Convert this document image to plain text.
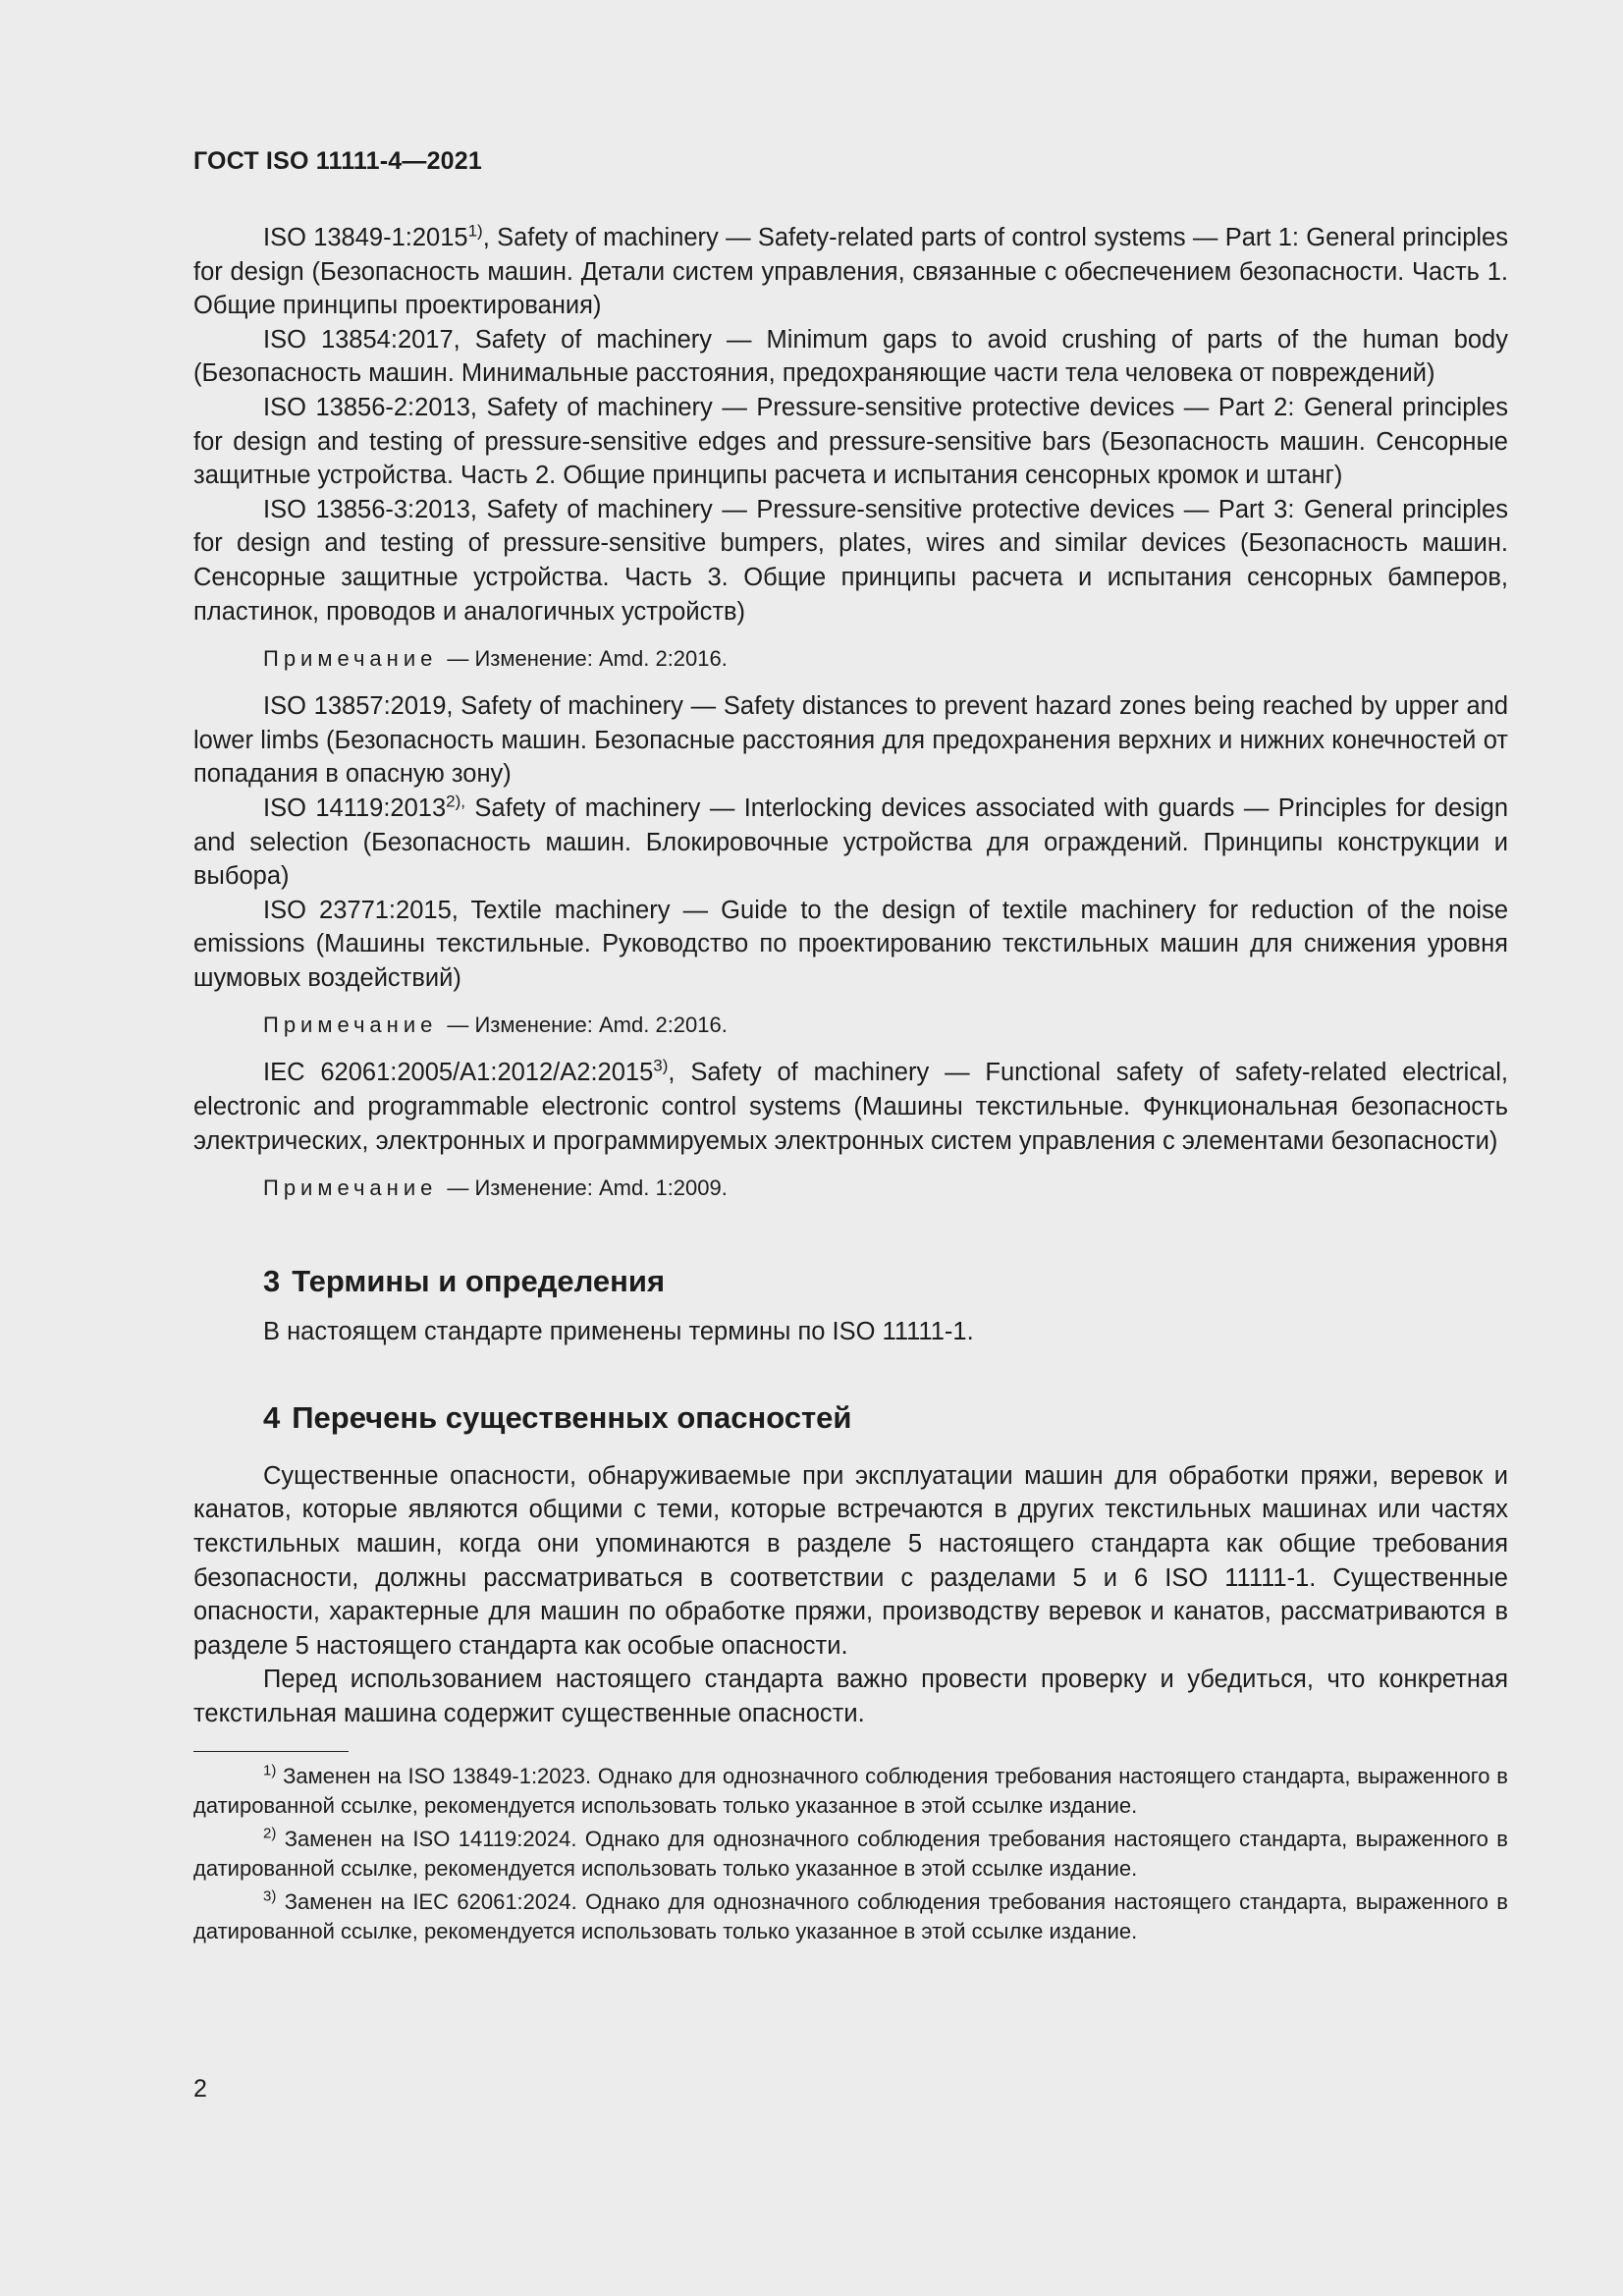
ГОСТ ISO 11111-4—2021

ISO 13849-1:2015$^{1)}$, Safety of machinery — Safety-related parts of control systems — Part 1: General principles for design (Безопасность машин. Детали систем управления, связанные с обеспечением безопасности. Часть 1. Общие принципы проектирования)

ISO 13854:2017, Safety of machinery — Minimum gaps to avoid crushing of parts of the human body (Безопасность машин. Минимальные расстояния, предохраняющие части тела человека от повреждений)

ISO 13856-2:2013, Safety of machinery — Pressure-sensitive protective devices — Part 2: General principles for design and testing of pressure-sensitive edges and pressure-sensitive bars (Безопасность машин. Сенсорные защитные устройства. Часть 2. Общие принципы расчета и испытания сенсорных кромок и штанг)

ISO 13856-3:2013, Safety of machinery — Pressure-sensitive protective devices — Part 3: General principles for design and testing of pressure-sensitive bumpers, plates, wires and similar devices (Безопасность машин. Сенсорные защитные устройства. Часть 3. Общие принципы расчета и испытания сенсорных бамперов, пластинок, проводов и аналогичных устройств)

Примечание — Изменение: Amd. 2:2016.

ISO 13857:2019, Safety of machinery — Safety distances to prevent hazard zones being reached by upper and lower limbs (Безопасность машин. Безопасные расстояния для предохранения верхних и нижних конечностей от попадания в опасную зону)

ISO $14119:2013^{2),}$ Safety of machinery — Interlocking devices associated with guards — Principles for design and selection (Безопасность машин. Блокировочные устройства для ограждений. Принципы конструкции и выбора)

ISO 23771:2015, Textile machinery — Guide to the design of textile machinery for reduction of the noise emissions (Машины текстильные. Руководство по проектированию текстильных машин для снижения уровня шумовых воздействий)

Примечание — Изменение: Amd. 2:2016.

IEC 62061:2005/A1:2012/A2:2015$^{3)}$, Safety of machinery — Functional safety of safety-related electrical, electronic and programmable electronic control systems (Машины текстильные. Функциональная безопасность электрических, электронных и программируемых электронных систем управления с элементами безопасности)

Примечание — Изменение: Amd. 1:2009.
3 Термины и определения

В настоящем стандарте применены термины по ISO 11111-1.

4 Перечень существенных опасностей

Существенные опасности, обнаруживаемые при эксплуатации машин для обработки пряжи, веревок и канатов, которые являются общими с теми, которые встречаются в других текстильных машинах или частях текстильных машин, когда они упоминаются в разделе 5 настоящего стандарта как общие требования безопасности, должны рассматриваться в соответствии с разделами 5 и 6 ISO 11111-1. Существенные опасности, характерные для машин по обработке пряжи, производству веревок и канатов, рассматриваются в разделе 5 настоящего стандарта как особые опасности.

Перед использованием настоящего стандарта важно провести проверку и убедиться, что конкретная текстильная машина содержит существенные опасности.

$^{1)}$ Заменен на ISO 13849-1:2023. Однако для однозначного соблюдения требования настоящего стандарта, выраженного в датированной ссылке, рекомендуется использовать только указанное в этой ссылке издание.

$^{2)}$ Заменен на ISO 14119:2024. Однако для однозначного соблюдения требования настоящего стандарта, выраженного в датированной ссылке, рекомендуется использовать только указанное в этой ссылке издание.

$^{3)}$ Заменен на IEC 62061:2024. Однако для однозначного соблюдения требования настоящего стандарта, выраженного в датированной ссылке, рекомендуется использовать только указанное в этой ссылке издание.

2
